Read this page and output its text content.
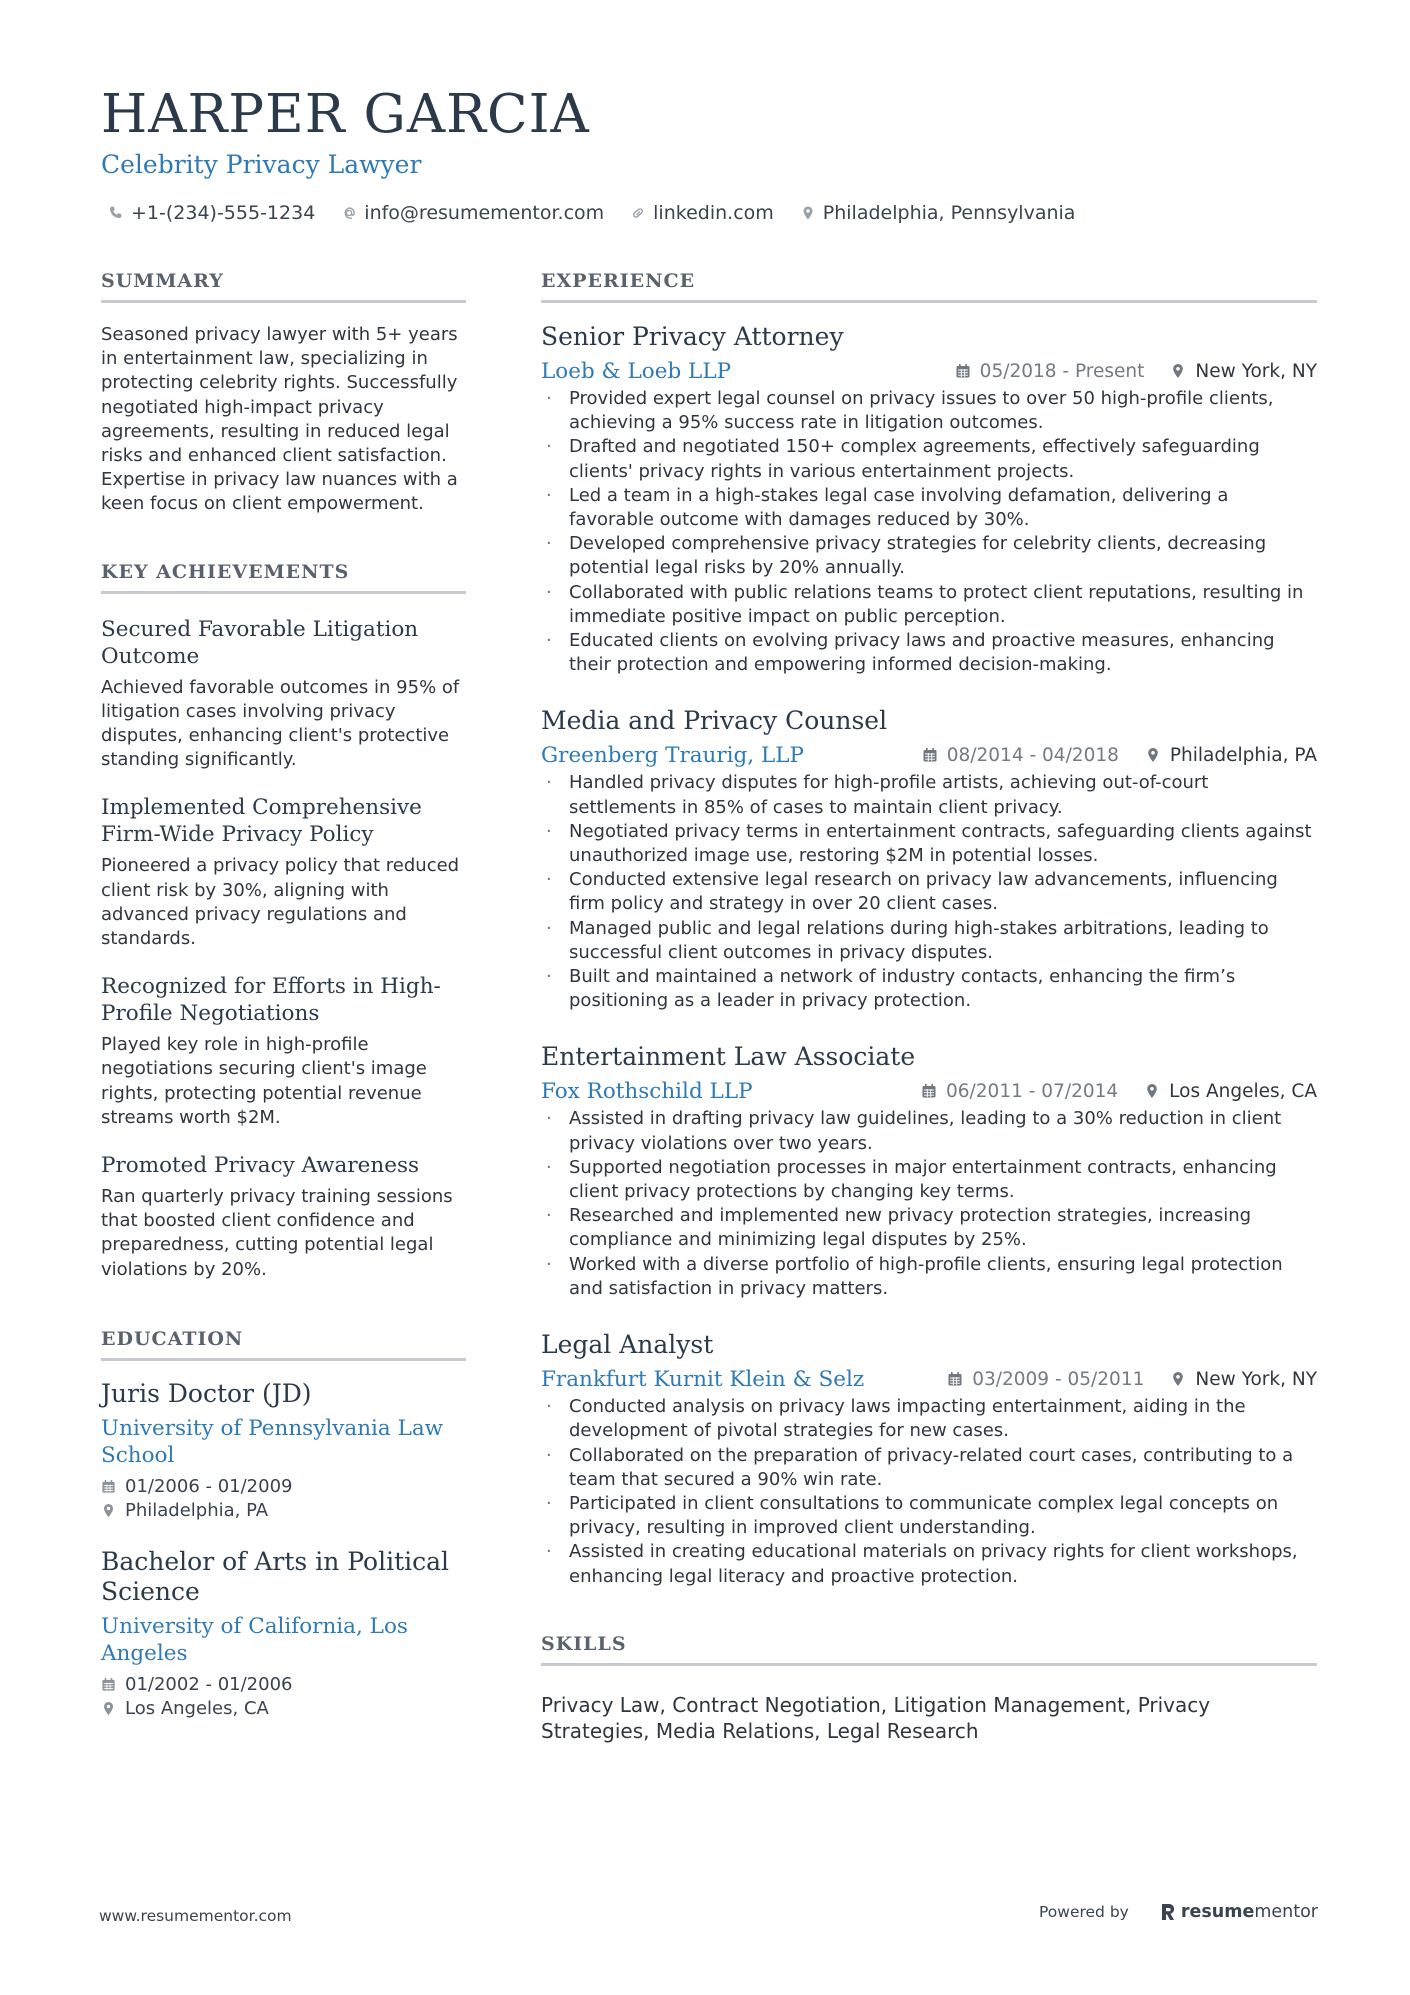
HARPER GARCIA
Celebrity Privacy Lawyer
+1-(234)-555-1234	info@resumementor.com	linkedin.com	Philadelphia, Pennsylvania
SUMMARY
Seasoned privacy lawyer with 5+ years in entertainment law, specializing in protecting celebrity rights. Successfully negotiated high-impact privacy agreements, resulting in reduced legal risks and enhanced client satisfaction. Expertise in privacy law nuances with a keen focus on client empowerment.
KEY ACHIEVEMENTS
Secured Favorable Litigation Outcome
Achieved favorable outcomes in 95% of litigation cases involving privacy disputes, enhancing client's protective standing significantly.
Implemented Comprehensive Firm-Wide Privacy Policy
Pioneered a privacy policy that reduced client risk by 30%, aligning with advanced privacy regulations and standards.
Recognized for Efforts in High-Profile Negotiations
Played key role in high-profile negotiations securing client's image rights, protecting potential revenue streams worth $2M.
Promoted Privacy Awareness
Ran quarterly privacy training sessions that boosted client confidence and preparedness, cutting potential legal violations by 20%.
EDUCATION
Juris Doctor (JD)
University of Pennsylvania Law School
01/2006 - 01/2009
Philadelphia, PA
Bachelor of Arts in Political Science
University of California, Los Angeles
01/2002 - 01/2006
Los Angeles, CA
EXPERIENCE
Senior Privacy Attorney
Loeb & Loeb LLP	05/2018 - Present	New York, NY
· Provided expert legal counsel on privacy issues to over 50 high-profile clients, achieving a 95% success rate in litigation outcomes.
· Drafted and negotiated 150+ complex agreements, effectively safeguarding clients' privacy rights in various entertainment projects.
· Led a team in a high-stakes legal case involving defamation, delivering a favorable outcome with damages reduced by 30%.
· Developed comprehensive privacy strategies for celebrity clients, decreasing potential legal risks by 20% annually.
· Collaborated with public relations teams to protect client reputations, resulting in immediate positive impact on public perception.
· Educated clients on evolving privacy laws and proactive measures, enhancing their protection and empowering informed decision-making.
Media and Privacy Counsel
Greenberg Traurig, LLP	08/2014 - 04/2018	Philadelphia, PA
· Handled privacy disputes for high-profile artists, achieving out-of-court settlements in 85% of cases to maintain client privacy.
· Negotiated privacy terms in entertainment contracts, safeguarding clients against unauthorized image use, restoring $2M in potential losses.
· Conducted extensive legal research on privacy law advancements, influencing firm policy and strategy in over 20 client cases.
· Managed public and legal relations during high-stakes arbitrations, leading to successful client outcomes in privacy disputes.
· Built and maintained a network of industry contacts, enhancing the firm’s positioning as a leader in privacy protection.
Entertainment Law Associate
Fox Rothschild LLP	06/2011 - 07/2014	Los Angeles, CA
· Assisted in drafting privacy law guidelines, leading to a 30% reduction in client privacy violations over two years.
· Supported negotiation processes in major entertainment contracts, enhancing client privacy protections by changing key terms.
· Researched and implemented new privacy protection strategies, increasing compliance and minimizing legal disputes by 25%.
· Worked with a diverse portfolio of high-profile clients, ensuring legal protection and satisfaction in privacy matters.
Legal Analyst
Frankfurt Kurnit Klein & Selz	03/2009 - 05/2011	New York, NY
· Conducted analysis on privacy laws impacting entertainment, aiding in the development of pivotal strategies for new cases.
· Collaborated on the preparation of privacy-related court cases, contributing to a team that secured a 90% win rate.
· Participated in client consultations to communicate complex legal concepts on privacy, resulting in improved client understanding.
· Assisted in creating educational materials on privacy rights for client workshops, enhancing legal literacy and proactive protection.
SKILLS
Privacy Law, Contract Negotiation, Litigation Management, Privacy Strategies, Media Relations, Legal Research
www.resumementor.com	Powered by	resumementor
